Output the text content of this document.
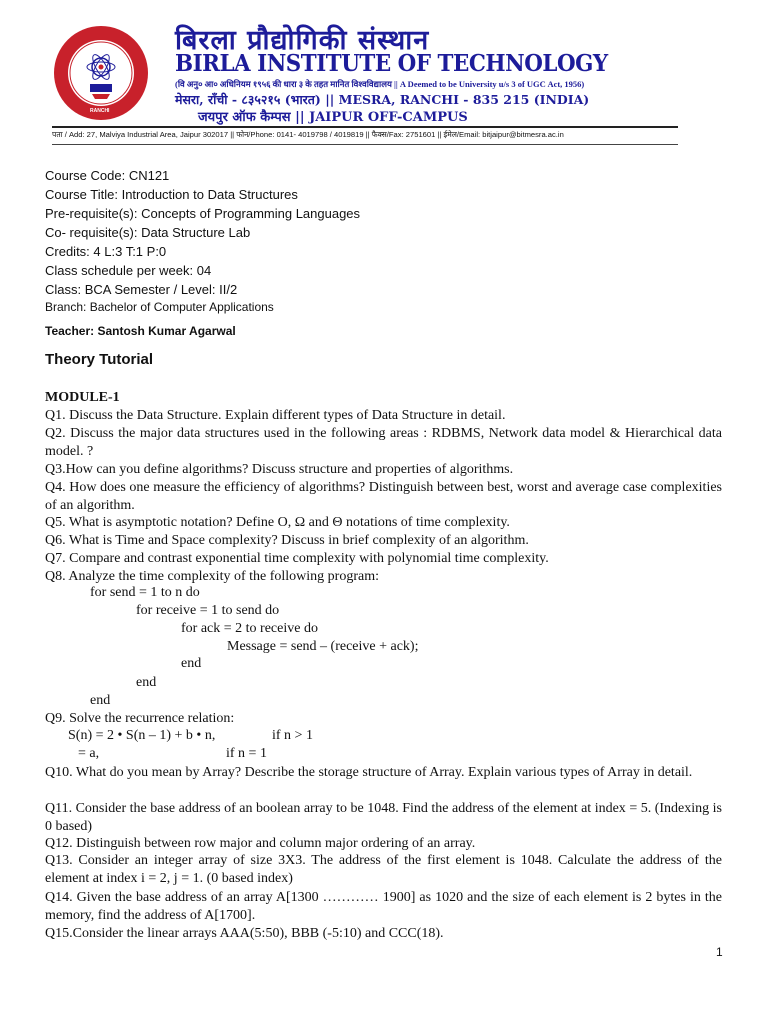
RANCHI
बिरला प्रौद्योगिकी संस्थान
BIRLA INSTITUTE OF TECHNOLOGY
(वि अनु० आ० अधिनियम १९५६ की धारा ३ के तहत मानित विश्वविद्यालय || A Deemed to be University u/s 3 of UGC Act, 1956)
मेसरा, राँची - ८३५२१५ (भारत) || MESRA, RANCHI - 835 215 (INDIA)
जयपुर ऑफ कैम्पस || JAIPUR OFF-CAMPUS
पता / Add: 27, Malviya Industrial Area, Jaipur 302017 || फोन/Phone: 0141- 4019798 / 4019819 || फैक्स/Fax: 2751601 || ईमेल/Email: bitjaipur@bitmesra.ac.in
Course Code: CN121
Course Title: Introduction to Data Structures
Pre-requisite(s): Concepts of Programming Languages
Co- requisite(s): Data Structure Lab
Credits: 4 L:3 T:1 P:0
Class schedule per week: 04
Class: BCA Semester / Level: II/2
Branch: Bachelor of Computer Applications
Teacher: Santosh Kumar Agarwal
Theory Tutorial
MODULE-1
Q1. Discuss the Data Structure. Explain different types of Data Structure in detail.
Q2. Discuss the major data structures used in the following areas : RDBMS, Network data model & Hierarchical data model. ?
Q3.How can you define algorithms? Discuss structure and properties of algorithms.
Q4. How does one measure the efficiency of algorithms? Distinguish between best, worst and average case complexities of an algorithm.
Q5. What is asymptotic notation? Define O, Ω and Θ notations of time complexity.
Q6. What is Time and Space complexity? Discuss in brief complexity of an algorithm.
Q7. Compare and contrast exponential time complexity with polynomial time complexity.
Q8. Analyze the time complexity of the following program:
for send = 1 to n do
for receive = 1 to send do
for ack = 2 to receive do
Message = send – (receive + ack);
end
end
end
Q9. Solve the recurrence relation:
S(n) = 2 • S(n – 1) + b • n,	if n > 1
= a,	if n = 1
Q10. What do you mean by Array? Describe the storage structure of Array. Explain various types of Array in detail.
Q11. Consider the base address of an boolean array to be 1048. Find the address of the element at index = 5. (Indexing is 0 based)
Q12. Distinguish between row major and column major ordering of an array.
Q13. Consider an integer array of size 3X3. The address of the first element is 1048. Calculate the address of the element at index i = 2, j = 1. (0 based index)
Q14. Given the base address of an array A[1300 ………… 1900] as 1020 and the size of each element is 2 bytes in the memory, find the address of A[1700].
Q15.Consider the linear arrays AAA(5:50), BBB (-5:10) and CCC(18).
1
